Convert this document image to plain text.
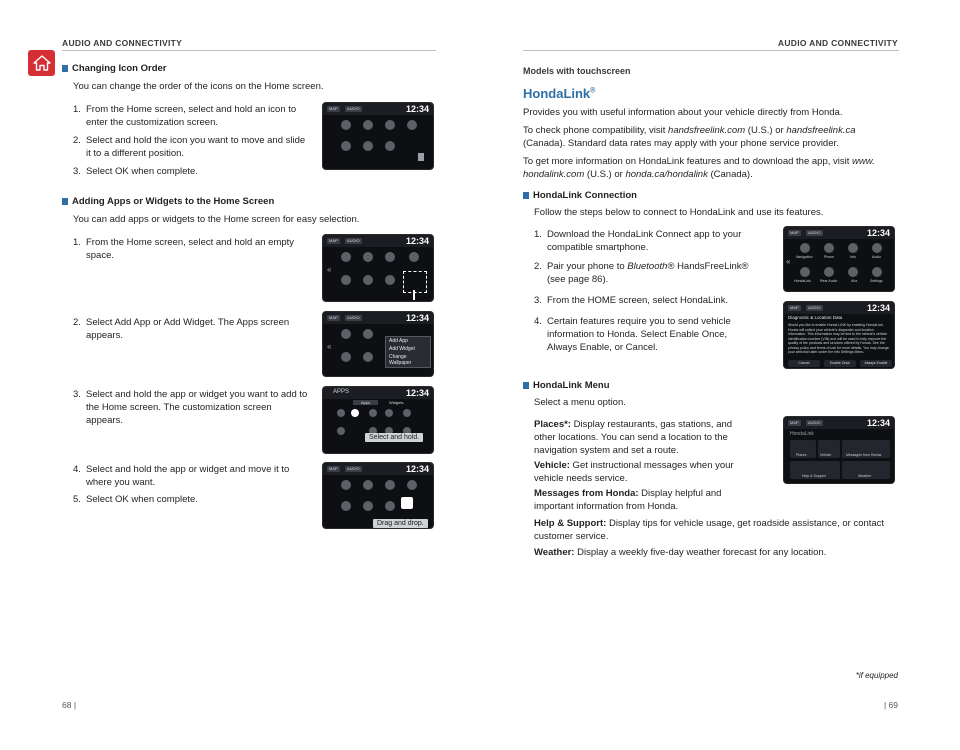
AUDIO AND CONNECTIVITY	AUDIO AND CONNECTIVITY
Changing Icon Order
You can change the order of the icons on the Home screen.
1. From the Home screen, select and hold an icon to enter the customization screen.
2. Select and hold the icon you want to move and slide it to a different position.
3. Select OK when complete.
MAP	AUDIO	12:34
Adding Apps or Widgets to the Home Screen
You can add apps or widgets to the Home screen for easy selection.
1. From the Home screen, select and hold an empty space.
2. Select Add App or Add Widget. The Apps screen appears.
3. Select and hold the app or widget you want to add to the Home screen. The customization screen appears.
4. Select and hold the app or widget and move it to where you want.
5. Select OK when complete.
MAP	AUDIO	12:34
«
MAP	AUDIO	12:34
Add App
Add Widget
Change Wallpaper
«
APPS	12:34
Apps	Widgets
Select and hold.
MAP	AUDIO	12:34
Drag and drop.
68 |
Models with touchscreen
HondaLink®
Provides you with useful information about your vehicle directly from Honda.
To check phone compatibility, visit handsfreelink.com (U.S.) or handsfreelink.ca
(Canada). Standard data rates may apply with your phone service provider.
To get more information on HondaLink features and to download the app, visit www.
hondalink.com (U.S.) or honda.ca/hondalink (Canada).
HondaLink Connection
Follow the steps below to connect to HondaLink and use its features.
1. Download the HondaLink Connect app to your compatible smartphone.
2. Pair your phone to Bluetooth® HandsFreeLink®
(see page 86).
3. From the HOME screen, select HondaLink.
4. Certain features require you to send vehicle information to Honda. Select Enable Once, Always Enable, or Cancel.
MAP	AUDIO	12:34
Navigation	Phone	Info	Audio
HondaLink	Rear Audio	Aha	Settings
«
MAP	AUDIO	12:34
Diagnostic & Location Data
Would you like to enable Honda LINK by enabling HondaLink, Honda will collect your vehicle's diagnostic and location information. This information may be tied to the vehicle's vehicle identification number (VIN) and will be used to help improve the quality of the products and services offered by Honda. See the privacy policy and terms of use for more details. You may change your selection later under the Info Settings Menu.
Cancel	Enable Once	Always Enable
HondaLink Menu
Select a menu option.
Places*: Display restaurants, gas stations, and other locations. You can send a location to the navigation system and set a route.
Vehicle: Get instructional messages when your vehicle needs service.
Messages from Honda: Display helpful and important information from Honda.
Help & Support: Display tips for vehicle usage, get roadside assistance, or contact customer service.
Weather: Display a weekly five-day weather forecast for any location.
MAP	AUDIO	12:34
HondaLink
Places	Vehicle	Messages from Honda
Help & Support	Weather
*if equipped
| 69
